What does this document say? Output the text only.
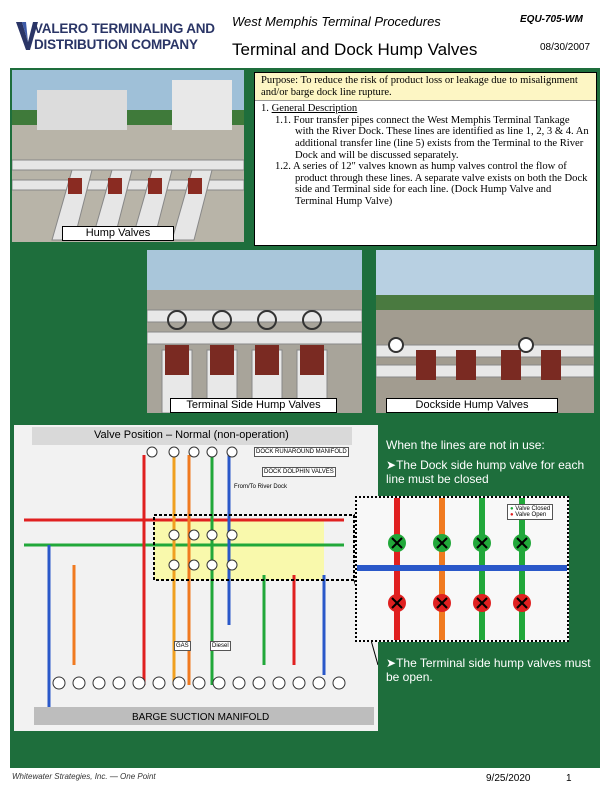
VALERO TERMINALING AND
DISTRIBUTION COMPANY
West Memphis Terminal Procedures	EQU-705-WM
Terminal and Dock Hump Valves	08/30/2007
Hump Valves

Purpose: To reduce the risk of product loss or leakage due to misalignment and/or barge dock line rupture.

1. General Description

1.1. Four transfer pipes connect the West Memphis Terminal Tankage with the River Dock. These lines are identified as line 1, 2, 3 & 4. An additional transfer line (line 5) exists from the Terminal to the River Dock and will be discussed separately.

1.2. A series of 12" valves known as hump valves control the flow of product through these lines. A separate valve exists on both the Dock side and Terminal side for each line. (Dock Hump Valve and Terminal Hump Valve)

Terminal Side Hump Valves	Dockside Hump Valves
Valve Position – Normal (non-operation)
DOCK RUNAROUND MANIFOLD
DOCK DOLPHIN VALVES
From/To River Dock
GAS	Diesel
BARGE SUCTION MANIFOLD
● Valve Closed
● Valve Open
When the lines are not in use:
➤The Dock side hump valve for each line must be closed
➤The Terminal side hump valves must be open.
Whitewater Strategies, Inc. — One Point	9/25/2020	1
